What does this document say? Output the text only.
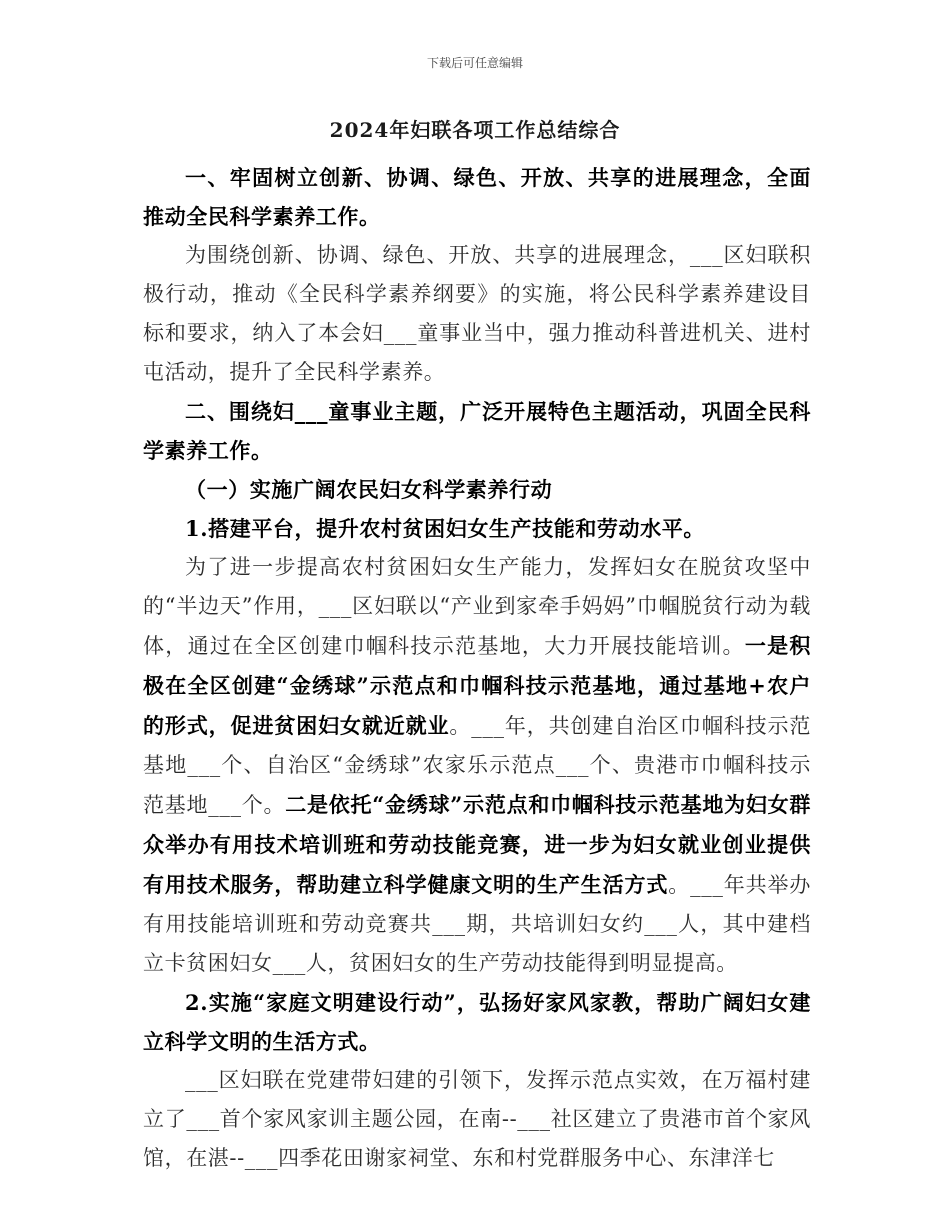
下载后可任意编辑
2024年妇联各项工作总结综合

一、牢固树立创新、协调、绿色、开放、共享的进展理念，全面推动全民科学素养工作。

为围绕创新、协调、绿色、开放、共享的进展理念，___区妇联积极行动，推动《全民科学素养纲要》的实施，将公民科学素养建设目标和要求，纳入了本会妇___童事业当中，强力推动科普进机关、进村屯活动，提升了全民科学素养。

二、围绕妇___童事业主题，广泛开展特色主题活动，巩固全民科学素养工作。

（一）实施广阔农民妇女科学素养行动

1.搭建平台，提升农村贫困妇女生产技能和劳动水平。

为了进一步提高农村贫困妇女生产能力，发挥妇女在脱贫攻坚中的“半边天”作用，___区妇联以“产业到家牵手妈妈”巾帼脱贫行动为载体，通过在全区创建巾帼科技示范基地，大力开展技能培训。一是积极在全区创建“金绣球”示范点和巾帼科技示范基地，通过基地+农户的形式，促进贫困妇女就近就业。___年，共创建自治区巾帼科技示范基地___个、自治区“金绣球”农家乐示范点___个、贵港市巾帼科技示范基地___个。二是依托“金绣球”示范点和巾帼科技示范基地为妇女群众举办有用技术培训班和劳动技能竞赛，进一步为妇女就业创业提供有用技术服务，帮助建立科学健康文明的生产生活方式。___年共举办有用技能培训班和劳动竞赛共___期，共培训妇女约___人，其中建档立卡贫困妇女___人，贫困妇女的生产劳动技能得到明显提高。

2.实施“家庭文明建设行动”，弘扬好家风家教，帮助广阔妇女建立科学文明的生活方式。

___区妇联在党建带妇建的引领下，发挥示范点实效，在万福村建立了___首个家风家训主题公园，在南--___社区建立了贵港市首个家风馆，在湛--___四季花田谢家祠堂、东和村党群服务中心、东津洋七
